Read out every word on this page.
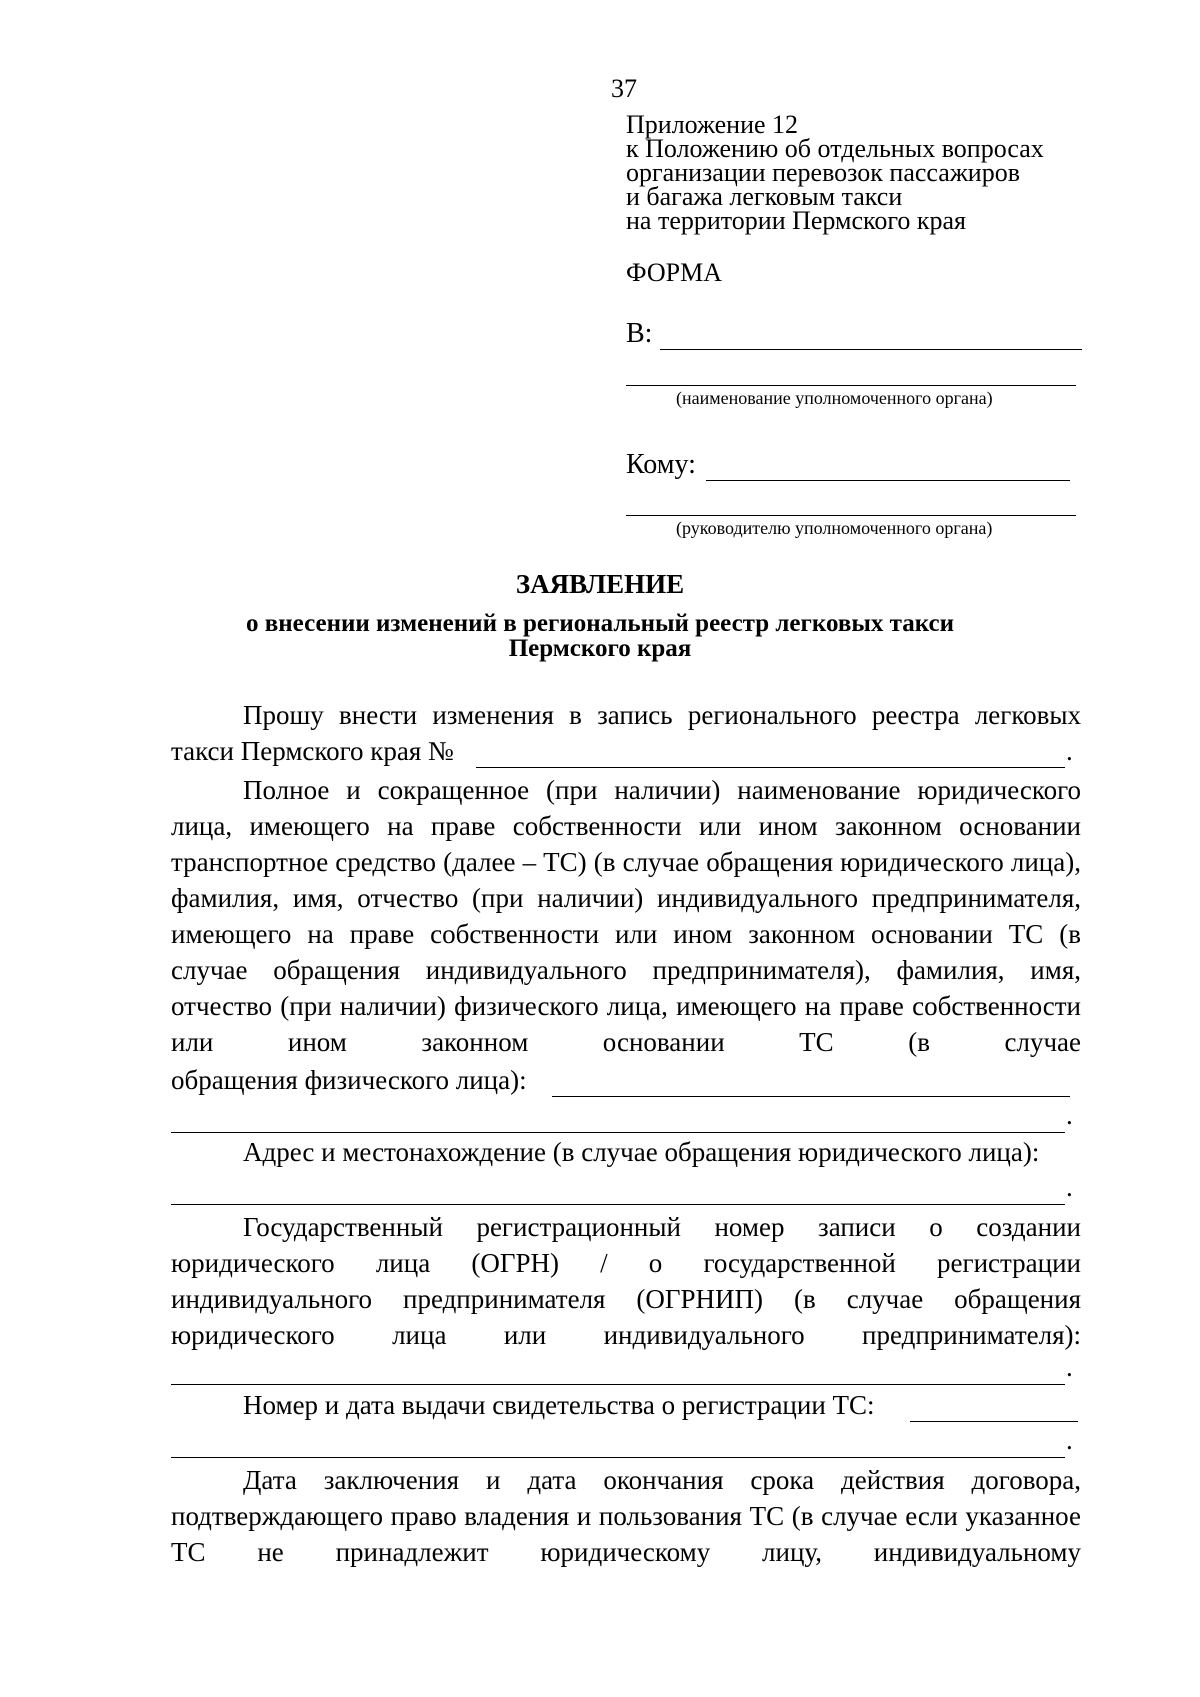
37
Приложение 12
к Положению об отдельных вопросах
организации перевозок пассажиров
и багажа легковым такси
на территории Пермского края
ФОРМА
В:
(наименование уполномоченного органа)
Кому:
(руководителю уполномоченного органа)
ЗАЯВЛЕНИЕ
о внесении изменений в региональный реестр легковых такси
Пермского края
Прошу внести изменения в запись регионального реестра легковых
такси Пермского края №	.
Полное и сокращенное (при наличии) наименование юридического лица, имеющего на праве собственности или ином законном основании транспортное средство (далее – ТС) (в случае обращения юридического лица), фамилия, имя, отчество (при наличии) индивидуального предпринимателя, имеющего на праве собственности или ином законном основании ТС (в случае обращения индивидуального предпринимателя), фамилия, имя, отчество (при наличии) физического лица, имеющего на праве собственности или ином законном основании ТС (в случае
обращения физического лица):
.
Адрес и местонахождение (в случае обращения юридического лица):
.
Государственный регистрационный номер записи о создании юридического лица (ОГРН) / о государственной регистрации индивидуального предпринимателя (ОГРНИП) (в случае обращения юридического лица или индивидуального предпринимателя):
.
Номер и дата выдачи свидетельства о регистрации ТС:
.
Дата заключения и дата окончания срока действия договора, подтверждающего право владения и пользования ТС (в случае если указанное ТС не принадлежит юридическому лицу, индивидуальному
